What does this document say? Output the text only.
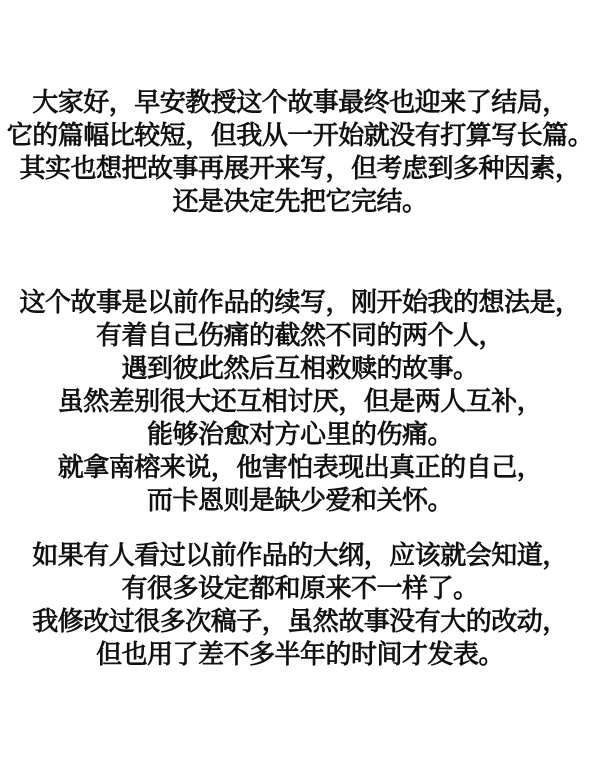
大家好，早安教授这个故事最终也迎来了结局，
它的篇幅比较短，但我从一开始就没有打算写长篇。
其实也想把故事再展开来写，但考虑到多种因素，
还是决定先把它完结。
这个故事是以前作品的续写，刚开始我的想法是，
有着自己伤痛的截然不同的两个人，
遇到彼此然后互相救赎的故事。
虽然差别很大还互相讨厌，但是两人互补，
能够治愈对方心里的伤痛。
就拿南榕来说，他害怕表现出真正的自己，
而卡恩则是缺少爱和关怀。
如果有人看过以前作品的大纲，应该就会知道，
有很多设定都和原来不一样了。
我修改过很多次稿子，虽然故事没有大的改动，
但也用了差不多半年的时间才发表。
